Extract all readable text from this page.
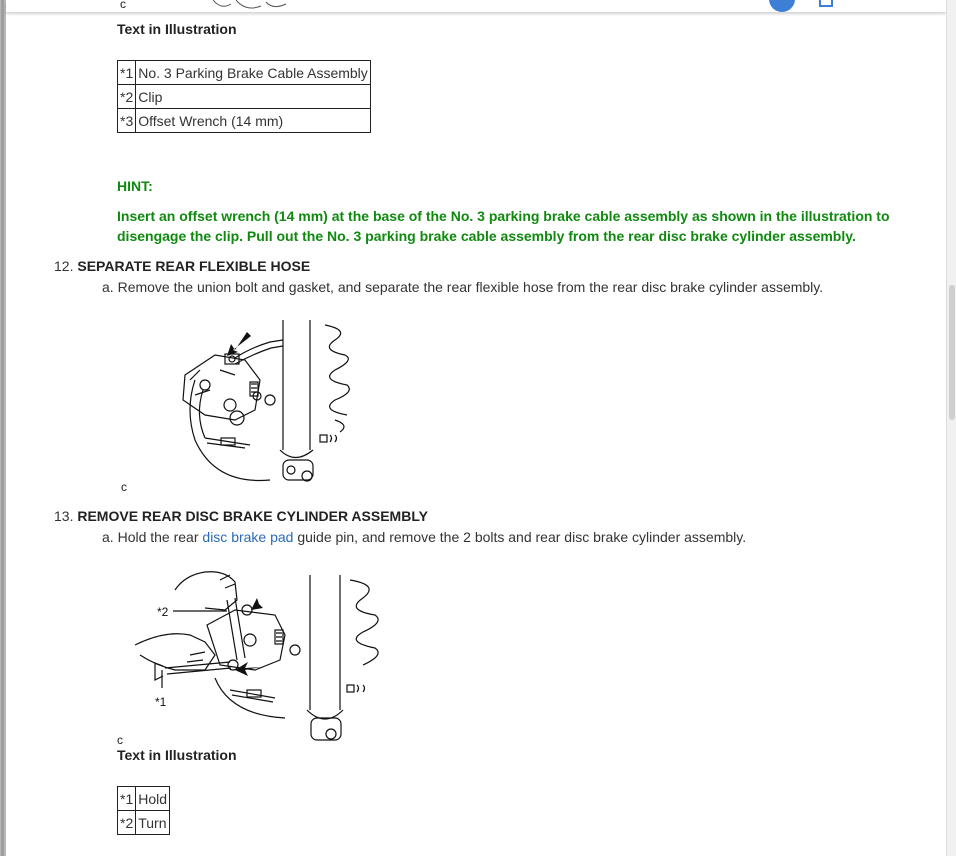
c
Text in Illustration
*1	No. 3 Parking Brake Cable Assembly
*2	Clip
*3	Offset Wrench (14 mm)
HINT:
Insert an offset wrench (14 mm) at the base of the No. 3 parking brake cable assembly as shown in the illustration to disengage the clip. Pull out the No. 3 parking brake cable assembly from the rear disc brake cylinder assembly.
12. SEPARATE REAR FLEXIBLE HOSE
a. Remove the union bolt and gasket, and separate the rear flexible hose from the rear disc brake cylinder assembly.
c
13. REMOVE REAR DISC BRAKE CYLINDER ASSEMBLY
a. Hold the rear disc brake pad guide pin, and remove the 2 bolts and rear disc brake cylinder assembly.
*2
*1
c
Text in Illustration
*1	Hold
*2	Turn
